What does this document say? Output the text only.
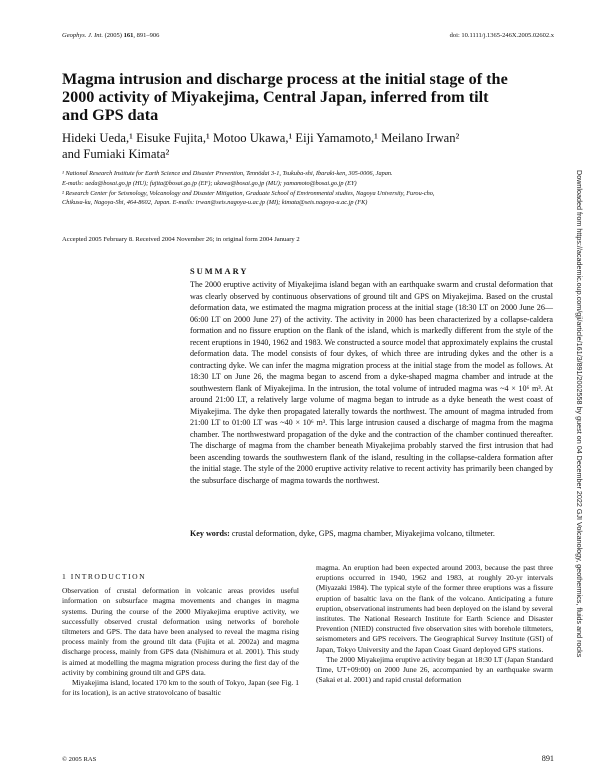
Geophys. J. Int. (2005) 161, 891–906	doi: 10.1111/j.1365-246X.2005.02602.x
Magma intrusion and discharge process at the initial stage of the 2000 activity of Miyakejima, Central Japan, inferred from tilt and GPS data
Hideki Ueda,¹ Eisuke Fujita,¹ Motoo Ukawa,¹ Eiji Yamamoto,¹ Meilano Irwan²
and Fumiaki Kimata²

¹ National Research Institute for Earth Science and Disaster Prevention, Tennōdai 3-1, Tsukuba-shi, Ibaraki-ken, 305-0006, Japan.

E-mails: ueda@bosai.go.jp (HU); fujita@bosai.go.jp (EF); ukawa@bosai.go.jp (MU); yamamoto@bosai.go.jp (EY)

² Research Center for Seismology, Volcanology and Disaster Mitigation, Graduate School of Environmental studies, Nagoya University, Furou-cho,

Chikusa-ku, Nagoya-Shi, 464-8602, Japan. E-mails: irwan@seis.nagoya-u.ac.jp (MI); kimata@seis.nagoya-u.ac.jp (FK)

Accepted 2005 February 8. Received 2004 November 26; in original form 2004 January 2
SUMMARY

The 2000 eruptive activity of Miyakejima island began with an earthquake swarm and crustal deformation that was clearly observed by continuous observations of ground tilt and GPS on Miyakejima. Based on the crustal deformation data, we estimated the magma migration process at the initial stage (18:30 LT on 2000 June 26—06:00 LT on 2000 June 27) of the activity. The activity in 2000 has been characterized by a collapse-caldera formation and no fissure eruption on the flank of the island, which is markedly different from the style of the recent eruptions in 1940, 1962 and 1983. We constructed a source model that approximately explains the crustal deformation data. The model consists of four dykes, of which three are intruding dykes and the other is a contracting dyke. We can infer the magma migration process at the initial stage from the model as follows. At 18:30 LT on June 26, the magma began to ascend from a dyke-shaped magma chamber and intrude at the southwestern flank of Miyakejima. In the intrusion, the total volume of intruded magma was ~4 × 10⁶ m³. At around 21:00 LT, a relatively large volume of magma began to intrude as a dyke beneath the west coast of Miyakejima. The dyke then propagated laterally towards the northwest. The amount of magma intruded from 21:00 LT to 01:00 LT was ~40 × 10⁶ m³. This large intrusion caused a discharge of magma from the magma chamber. The northwestward propagation of the dyke and the contraction of the chamber continued thereafter. The discharge of magma from the chamber beneath Miyakejima probably starved the first intrusion that had been ascending towards the southwestern flank of the island, resulting in the collapse-caldera formation after the initial stage. The style of the 2000 eruptive activity relative to recent activity has primarily been changed by the subsurface discharge of magma towards the northwest.

Key words: crustal deformation, dyke, GPS, magma chamber, Miyakejima volcano, tiltmeter.

1 INTRODUCTION

Observation of crustal deformation in volcanic areas provides useful information on subsurface magma movements and changes in magma systems. During the course of the 2000 Miyakejima eruptive activity, we successfully observed crustal deformation using networks of borehole tiltmeters and GPS. The data have been analysed to reveal the magma rising process mainly from the ground tilt data (Fujita et al. 2002a) and magma discharge process, mainly from GPS data (Nishimura et al. 2001). This study is aimed at modelling the magma migration process during the first day of the activity by combining ground tilt and GPS data.

Miyakejima island, located 170 km to the south of Tokyo, Japan (see Fig. 1 for its location), is an active stratovolcano of basaltic

magma. An eruption had been expected around 2003, because the past three eruptions occurred in 1940, 1962 and 1983, at roughly 20-yr intervals (Miyazaki 1984). The typical style of the former three eruptions was a fissure eruption of basaltic lava on the flank of the volcano. Anticipating a future eruption, observational instruments had been deployed on the island by several institutes. The National Research Institute for Earth Science and Disaster Prevention (NIED) constructed five observation sites with borehole tiltmeters, seismometers and GPS receivers. The Geographical Survey Institute (GSI) of Japan, Tokyo University and the Japan Coast Guard deployed GPS stations.

The 2000 Miyakejima eruptive activity began at 18:30 LT (Japan Standard Time, UT+09:00) on 2000 June 26, accompanied by an earthquake swarm (Sakai et al. 2001) and rapid crustal deformation

© 2005 RAS	891
Downloaded from https://academic.oup.com/gji/article/161/3/891/2002558 by guest on 04 December 2022 GJI Volcanology, geothermics, fluids and rocks
